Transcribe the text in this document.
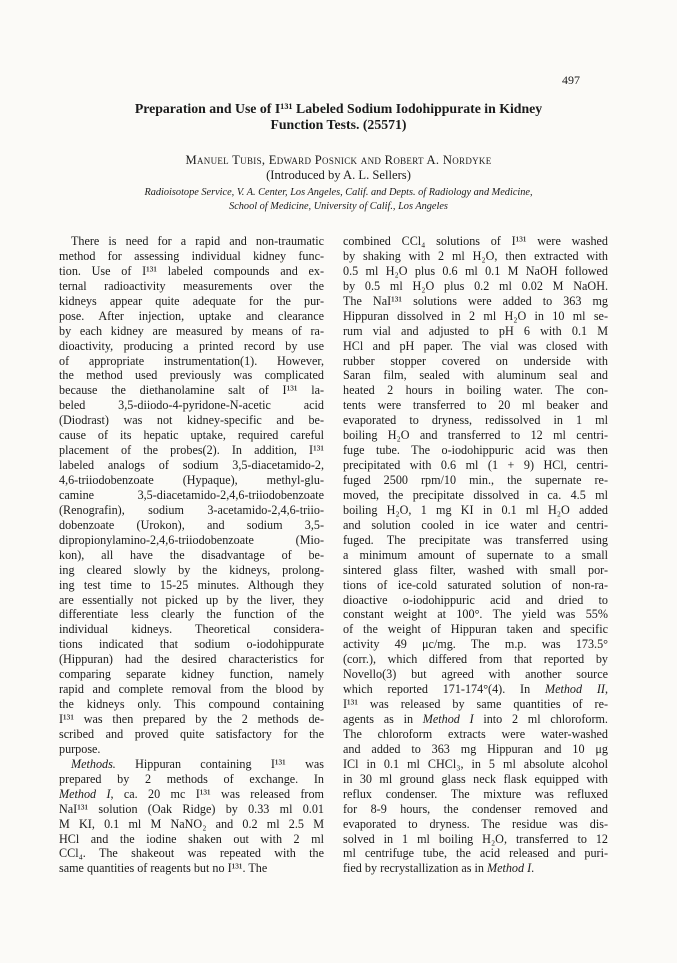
497
Preparation and Use of I¹³¹ Labeled Sodium Iodohippurate in Kidney
Function Tests. (25571)

Manuel Tubis, Edward Posnick and Robert A. Nordyke

(Introduced by A. L. Sellers)
Radioisotope Service, V. A. Center, Los Angeles, Calif. and Depts. of Radiology and Medicine,
School of Medicine, University of Calif., Los Angeles
There is need for a rapid and non-traumatic
method for assessing individual kidney func-
tion. Use of I¹³¹ labeled compounds and ex-
ternal radioactivity measurements over the
kidneys appear quite adequate for the pur-
pose. After injection, uptake and clearance
by each kidney are measured by means of ra-
dioactivity, producing a printed record by use
of appropriate instrumentation(1). However,
the method used previously was complicated
because the diethanolamine salt of I¹³¹ la-
beled 3,5-diiodo-4-pyridone-N-acetic acid
(Diodrast) was not kidney-specific and be-
cause of its hepatic uptake, required careful
placement of the probes(2). In addition, I¹³¹
labeled analogs of sodium 3,5-diacetamido-2,
4,6-triiodobenzoate (Hypaque), methyl-glu-
camine 3,5-diacetamido-2,4,6-triiodobenzoate
(Renografin), sodium 3-acetamido-2,4,6-triio-
dobenzoate (Urokon), and sodium 3,5-
dipropionylamino-2,4,6-triiodobenzoate (Mio-
kon), all have the disadvantage of be-
ing cleared slowly by the kidneys, prolong-
ing test time to 15-25 minutes. Although they
are essentially not picked up by the liver, they
differentiate less clearly the function of the
individual kidneys. Theoretical considera-
tions indicated that sodium o-iodohippurate
(Hippuran) had the desired characteristics for
comparing separate kidney function, namely
rapid and complete removal from the blood by
the kidneys only. This compound containing
I¹³¹ was then prepared by the 2 methods de-
scribed and proved quite satisfactory for the
purpose.
Methods. Hippuran containing I¹³¹ was
prepared by 2 methods of exchange. In
Method I, ca. 20 mc I¹³¹ was released from
NaI¹³¹ solution (Oak Ridge) by 0.33 ml 0.01
M KI, 0.1 ml M NaNO₂ and 0.2 ml 2.5 M
HCl and the iodine shaken out with 2 ml
CCl₄. The shakeout was repeated with the
same quantities of reagents but no I¹³¹. The
combined CCl₄ solutions of I¹³¹ were washed
by shaking with 2 ml H₂O, then extracted with
0.5 ml H₂O plus 0.6 ml 0.1 M NaOH followed
by 0.5 ml H₂O plus 0.2 ml 0.02 M NaOH.
The NaI¹³¹ solutions were added to 363 mg
Hippuran dissolved in 2 ml H₂O in 10 ml se-
rum vial and adjusted to pH 6 with 0.1 M
HCl and pH paper. The vial was closed with
rubber stopper covered on underside with
Saran film, sealed with aluminum seal and
heated 2 hours in boiling water. The con-
tents were transferred to 20 ml beaker and
evaporated to dryness, redissolved in 1 ml
boiling H₂O and transferred to 12 ml centri-
fuge tube. The o-iodohippuric acid was then
precipitated with 0.6 ml (1 + 9) HCl, centri-
fuged 2500 rpm/10 min., the supernate re-
moved, the precipitate dissolved in ca. 4.5 ml
boiling H₂O, 1 mg KI in 0.1 ml H₂O added
and solution cooled in ice water and centri-
fuged. The precipitate was transferred using
a minimum amount of supernate to a small
sintered glass filter, washed with small por-
tions of ice-cold saturated solution of non-ra-
dioactive o-iodohippuric acid and dried to
constant weight at 100°. The yield was 55%
of the weight of Hippuran taken and specific
activity 49 μc/mg. The m.p. was 173.5°
(corr.), which differed from that reported by
Novello(3) but agreed with another source
which reported 171-174°(4). In Method II,
I¹³¹ was released by same quantities of re-
agents as in Method I into 2 ml chloroform.
The chloroform extracts were water-washed
and added to 363 mg Hippuran and 10 μg
ICl in 0.1 ml CHCl₃, in 5 ml absolute alcohol
in 30 ml ground glass neck flask equipped with
reflux condenser. The mixture was refluxed
for 8-9 hours, the condenser removed and
evaporated to dryness. The residue was dis-
solved in 1 ml boiling H₂O, transferred to 12
ml centrifuge tube, the acid released and puri-
fied by recrystallization as in Method I.
